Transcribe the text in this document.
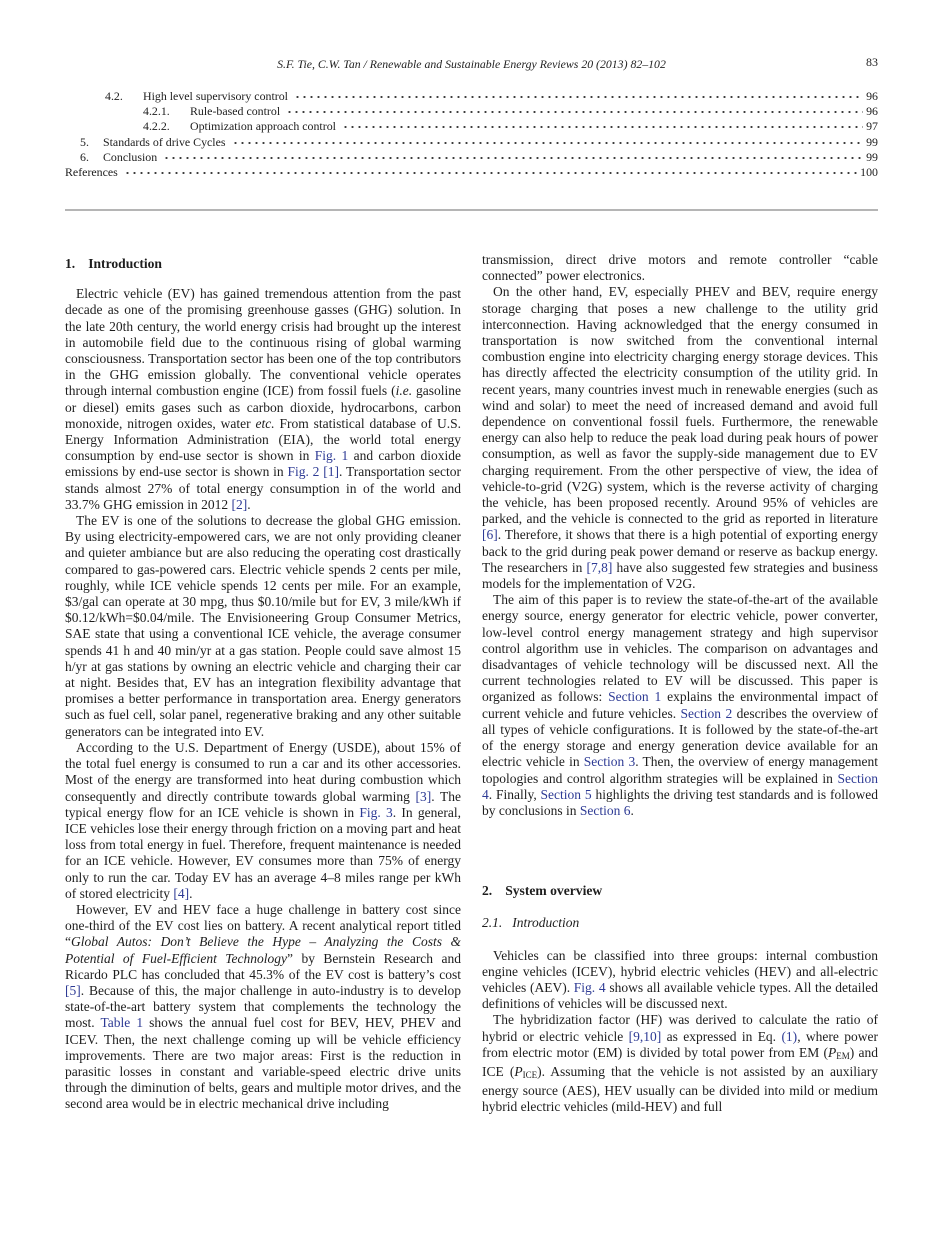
S.F. Tie, C.W. Tan / Renewable and Sustainable Energy Reviews 20 (2013) 82–102	83
4.2.	High level supervisory control	96
4.2.1.	Rule-based control	96
4.2.2.	Optimization approach control	97
5.	Standards of drive Cycles	99
6.	Conclusion	99
References	100
1. Introduction

Electric vehicle (EV) has gained tremendous attention from the past decade as one of the promising greenhouse gasses (GHG) solution. In the late 20th century, the world energy crisis had brought up the interest in automobile field due to the continuous rising of global warming consciousness. Transportation sector has been one of the top contributors in the GHG emission globally. The conventional vehicle operates through internal combustion engine (ICE) from fossil fuels (i.e. gasoline or diesel) emits gases such as carbon dioxide, hydrocarbons, carbon monoxide, nitrogen oxides, water etc. From statistical database of U.S. Energy Information Administration (EIA), the world total energy consumption by end-use sector is shown in Fig. 1 and carbon dioxide emissions by end-use sector is shown in Fig. 2 [1]. Transportation sector stands almost 27% of total energy consumption in of the world and 33.7% GHG emission in 2012 [2].

The EV is one of the solutions to decrease the global GHG emission. By using electricity-empowered cars, we are not only providing cleaner and quieter ambiance but are also reducing the operating cost drastically compared to gas-powered cars. Electric vehicle spends 2 cents per mile, roughly, while ICE vehicle spends 12 cents per mile. For an example, $3/gal can operate at 30 mpg, thus $0.10/mile but for EV, 3 mile/kWh if $0.12/kWh=$0.04/mile. The Envisioneering Group Consumer Metrics, SAE state that using a conventional ICE vehicle, the average consumer spends 41 h and 40 min/yr at a gas station. People could save almost 15 h/yr at gas stations by owning an electric vehicle and charging their car at night. Besides that, EV has an integration flexibility advantage that promises a better performance in transportation area. Energy generators such as fuel cell, solar panel, regenerative braking and any other suitable generators can be integrated into EV.

According to the U.S. Department of Energy (USDE), about 15% of the total fuel energy is consumed to run a car and its other accessories. Most of the energy are transformed into heat during combustion which consequently and directly contribute towards global warming [3]. The typical energy flow for an ICE vehicle is shown in Fig. 3. In general, ICE vehicles lose their energy through friction on a moving part and heat loss from total energy in fuel. Therefore, frequent maintenance is needed for an ICE vehicle. However, EV consumes more than 75% of energy only to run the car. Today EV has an average 4–8 miles range per kWh of stored electricity [4].

However, EV and HEV face a huge challenge in battery cost since one-third of the EV cost lies on battery. A recent analytical report titled “Global Autos: Don’t Believe the Hype – Analyzing the Costs & Potential of Fuel-Efficient Technology” by Bernstein Research and Ricardo PLC has concluded that 45.3% of the EV cost is battery’s cost [5]. Because of this, the major challenge in auto-industry is to develop state-of-the-art battery system that complements the technology the most. Table 1 shows the annual fuel cost for BEV, HEV, PHEV and ICEV. Then, the next challenge coming up will be vehicle efficiency improvements. There are two major areas: First is the reduction in parasitic losses in constant and variable-speed electric drive units through the diminution of belts, gears and multiple motor drives, and the second area would be in electric mechanical drive including

transmission, direct drive motors and remote controller “cable connected” power electronics.

On the other hand, EV, especially PHEV and BEV, require energy storage charging that poses a new challenge to the utility grid interconnection. Having acknowledged that the energy consumed in transportation is now switched from the conventional internal combustion engine into electricity charging energy storage devices. This has directly affected the electricity consumption of the utility grid. In recent years, many countries invest much in renewable energies (such as wind and solar) to meet the need of increased demand and avoid full dependence on conventional fossil fuels. Furthermore, the renewable energy can also help to reduce the peak load during peak hours of power consumption, as well as favor the supply-side management due to EV charging requirement. From the other perspective of view, the idea of vehicle-to-grid (V2G) system, which is the reverse activity of charging the vehicle, has been proposed recently. Around 95% of vehicles are parked, and the vehicle is connected to the grid as reported in literature [6]. Therefore, it shows that there is a high potential of exporting energy back to the grid during peak power demand or reserve as backup energy. The researchers in [7,8] have also suggested few strategies and business models for the implementation of V2G.

The aim of this paper is to review the state-of-the-art of the available energy source, energy generator for electric vehicle, power converter, low-level control energy management strategy and high supervisor control algorithm use in vehicles. The comparison on advantages and disadvantages of vehicle technology will be discussed next. All the current technologies related to EV will be discussed. This paper is organized as follows: Section 1 explains the environmental impact of current vehicle and future vehicles. Section 2 describes the overview of all types of vehicle configurations. It is followed by the state-of-the-art of the energy storage and energy generation device available for an electric vehicle in Section 3. Then, the overview of energy management topologies and control algorithm strategies will be explained in Section 4. Finally, Section 5 highlights the driving test standards and is followed by conclusions in Section 6.

2. System overview
2.1. Introduction

Vehicles can be classified into three groups: internal combustion engine vehicles (ICEV), hybrid electric vehicles (HEV) and all-electric vehicles (AEV). Fig. 4 shows all available vehicle types. All the detailed definitions of vehicles will be discussed next.

The hybridization factor (HF) was derived to calculate the ratio of hybrid or electric vehicle [9,10] as expressed in Eq. (1), where power from electric motor (EM) is divided by total power from EM $(P_{EM})$ and ICE $(P_{ICE})$. Assuming that the vehicle is not assisted by an auxiliary energy source (AES), HEV usually can be divided into mild or medium hybrid electric vehicles (mild-HEV) and full
